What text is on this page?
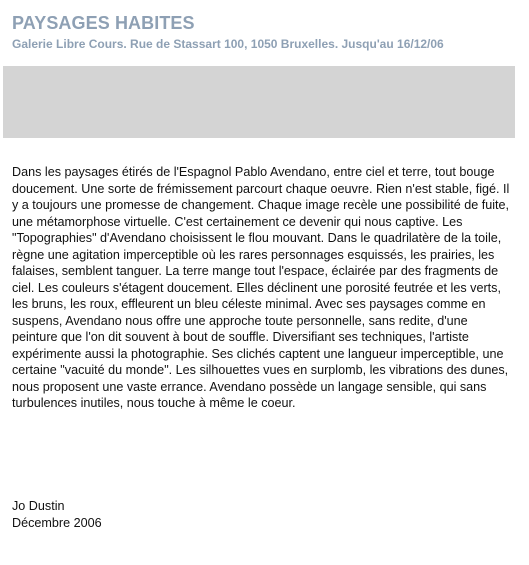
PAYSAGES HABITES

Galerie Libre Cours. Rue de Stassart 100, 1050 Bruxelles. Jusqu'au 16/12/06

Dans les paysages étirés de l'Espagnol Pablo Avendano, entre ciel et terre, tout bouge doucement. Une sorte de frémissement parcourt chaque oeuvre. Rien n'est stable, figé. Il y a toujours une promesse de changement. Chaque image recèle une possibilité de fuite, une métamorphose virtuelle. C'est certainement ce devenir qui nous captive. Les "Topographies" d'Avendano choisissent le flou mouvant. Dans le quadrilatère de la toile, règne une agitation imperceptible où les rares personnages esquissés, les prairies, les falaises, semblent tanguer. La terre mange tout l'espace, éclairée par des fragments de ciel. Les couleurs s'étagent doucement. Elles déclinent une porosité feutrée et les verts, les bruns, les roux, effleurent un bleu céleste minimal. Avec ses paysages comme en suspens, Avendano nous offre une approche toute personnelle, sans redite, d'une peinture que l'on dit souvent à bout de souffle. Diversifiant ses techniques, l'artiste expérimente aussi la photographie. Ses clichés captent une langueur imperceptible, une certaine "vacuité du monde". Les silhouettes vues en surplomb, les vibrations des dunes, nous proposent une vaste errance. Avendano possède un langage sensible, qui sans turbulences inutiles, nous touche à même le coeur.

Jo Dustin
Décembre 2006
